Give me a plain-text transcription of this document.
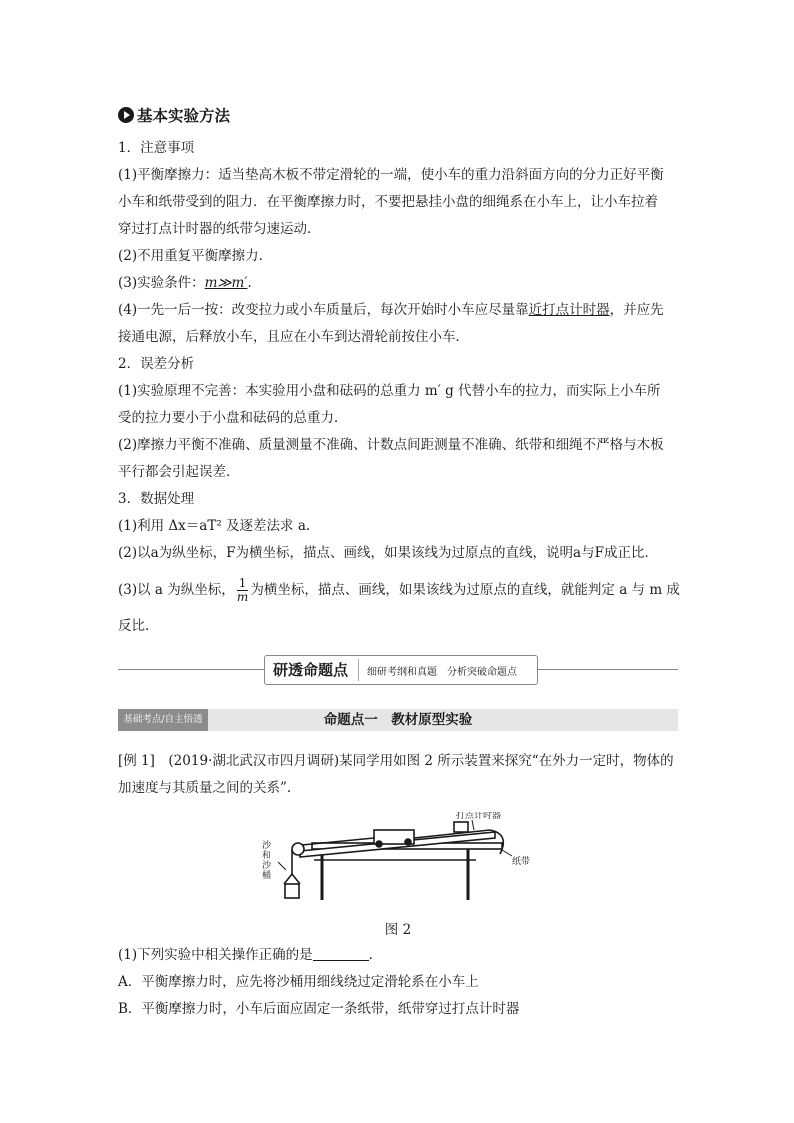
基本实验方法
1．注意事项
(1)平衡摩擦力：适当垫高木板不带定滑轮的一端，使小车的重力沿斜面方向的分力正好平衡
小车和纸带受到的阻力．在平衡摩擦力时，不要把悬挂小盘的细绳系在小车上，让小车拉着
穿过打点计时器的纸带匀速运动．
(2)不用重复平衡摩擦力．
(3)实验条件：m≫m′.
(4)一先一后一按：改变拉力或小车质量后，每次开始时小车应尽量靠近打点计时器，并应先
接通电源，后释放小车，且应在小车到达滑轮前按住小车．
2．误差分析
(1)实验原理不完善：本实验用小盘和砝码的总重力 m′ g 代替小车的拉力，而实际上小车所
受的拉力要小于小盘和砝码的总重力．
(2)摩擦力平衡不准确、质量测量不准确、计数点间距测量不准确、纸带和细绳不严格与木板
平行都会引起误差．
3．数据处理
(1)利用 Δx＝aT² 及逐差法求 a.
(2)以a为纵坐标，F为横坐标，描点、画线，如果该线为过原点的直线，说明a与F成正比．
(3)以 a 为纵坐标， $\frac{1}{m}$ 为横坐标，描点、画线，如果该线为过原点的直线，就能判定 a 与 m 成
反比.
研透命题点	细研考纲和真题　分析突破命题点
命题点一　教材原型实验
基础考点/自主悟透
[例 1]　(2019·湖北武汉市四月调研)某同学用如图 2 所示装置来探究“在外力一定时，物体的
加速度与其质量之间的关系”.
打点计时器
纸带
沙
和
沙
桶
图 2
(1)下列实验中相关操作正确的是	．
A．平衡摩擦力时，应先将沙桶用细线绕过定滑轮系在小车上
B．平衡摩擦力时，小车后面应固定一条纸带，纸带穿过打点计时器
